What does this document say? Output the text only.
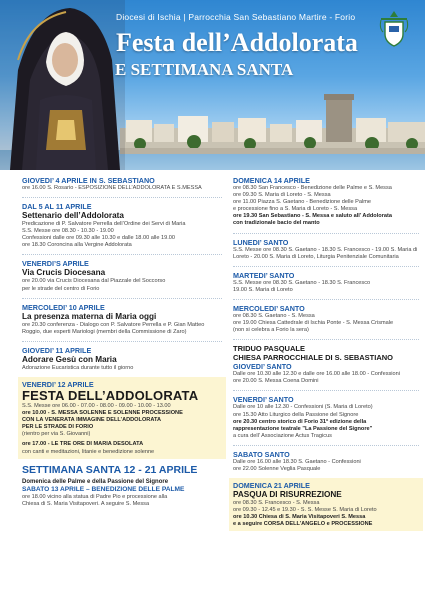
Diocesi di Ischia | Parrocchia San Sebastiano Martire - Forio
Festa dell’Addolorata
E SETTIMANA SANTA
GIOVEDI’ 4 APRILE IN S. SEBASTIANO
ore 16.00 S. Rosario - ESPOSIZIONE DELL’ADDOLORATA E S.MESSA
DAL 5 AL 11 APRILE
Settenario dell’Addolorata
Predicazione di P. Salvatore Perrella dell’Ordine dei Servi di Maria
S.S. Messe ore 08.30 - 10.30 - 19.00
Confessioni dalle ore 09.30 alle 10.30 e dalle 18.00 alle 19.00
ore 18.30 Coroncina alla Vergine Addolorata
VENERDI’S APRILE
Via Crucis Diocesana
ore 20.00 via Crucis Diocesana dal Piazzale del Soccorso
per le strade del centro di Forio
MERCOLEDI’ 10 APRILE
La presenza materna di Maria oggi
ore 20.30 conferenza - Dialogo con P. Salvatore Perrella e P. Gian Matteo
Roggio, due esperti Mariologi (membri della Commissione di Zaro)
GIOVEDI’ 11 APRILE
Adorare Gesù con Maria
Adorazione Eucaristica durante tutto il giorno
VENERDI’ 12 APRILE
FESTA DELL’ADDOLORATA
S.S. Messe ore 06.00 - 07.00 - 08.00 - 09.00 - 10.00 - 13.00
ore 10.00 - S. MESSA SOLENNE E SOLENNE PROCESSIONE
CON LA VENERATA IMMAGINE DELL’ADDOLORATA
PER LE STRADE DI FORIO
(rientro per via S. Giovanni)
ore 17.00 - LE TRE ORE DI MARIA DESOLATA
con canti e meditazioni, litanie e benedizione solenne
SETTIMANA SANTA 12 - 21 APRILE
Domenica delle Palme e della Passione del Signore
SABATO 13 APRILE – BENEDIZIONE DELLE PALME
ore 18.00 vicino alla statua di Padre Pio e processione alla
Chiesa di S. Maria Visitapoveri. A seguire S. Messa
DOMENICA 14 APRILE
ore 08.30 San Francesco - Benedizione delle Palme e S. Messa
ore 09.30 S. Maria di Loreto - S. Messa
ore 11.00 Piazza S. Gaetano - Benedizione delle Palme
e processione fino a S. Maria di Loreto - S. Messa
ore 19.30 San Sebastiano - S. Messa e saluto all’ Addolorata
con tradizionale bacio del manto
LUNEDI’ SANTO
S.S. Messe ore 08.30 S. Gaetano - 18.30 S. Francesco - 19.00 S. Maria di
Loreto - 20.00 S. Maria di Loreto, Liturgia Penitenziale Comunitaria
MARTEDI’ SANTO
S.S. Messe ore 08.30 S. Gaetano - 18.30 S. Francesco
19.00 S. Maria di Loreto
MERCOLEDI’ SANTO
ore 08.30 S. Gaetano - S. Messa
ore 19.00 Chiesa Cattedrale di Ischia Ponte - S. Messa Crismale
(non si celebra a Forio la sera)
TRIDUO PASQUALE
CHIESA PARROCCHIALE DI S. SEBASTIANO
GIOVEDI’ SANTO
Dalle ore 10.30 alle 12.30 e dalle ore 16.00 alle 18.00 - Confessioni
ore 20.00 S. Messa Coena Domini
VENERDI’ SANTO
Dalle ore 10 alle 12.30 - Confessioni (S. Maria di Loreto)
ore 15.30 Atto Liturgico della Passione del Signore
ore 20.30 centro storico di Forio 31ª edizione della
rappresentazione teatrale "La Passione del Signore"
a cura dell’ Associazione Actus Tragicus
SABATO SANTO
Dalle ore 16.00 alle 18.30 S. Gaetano - Confessioni
ore 22.00 Solenne Veglia Pasquale
DOMENICA 21 APRILE
PASQUA DI RISURREZIONE
ore 08.30 S. Francesco - S. Messa
ore 09.30 - 12.45 e 19.30 - S. S. Messe S. Maria di Loreto
ore 10.30 Chiesa di S. Maria Visitapoveri S. Messa
e a seguire CORSA DELL’ANGELO e PROCESSIONE
